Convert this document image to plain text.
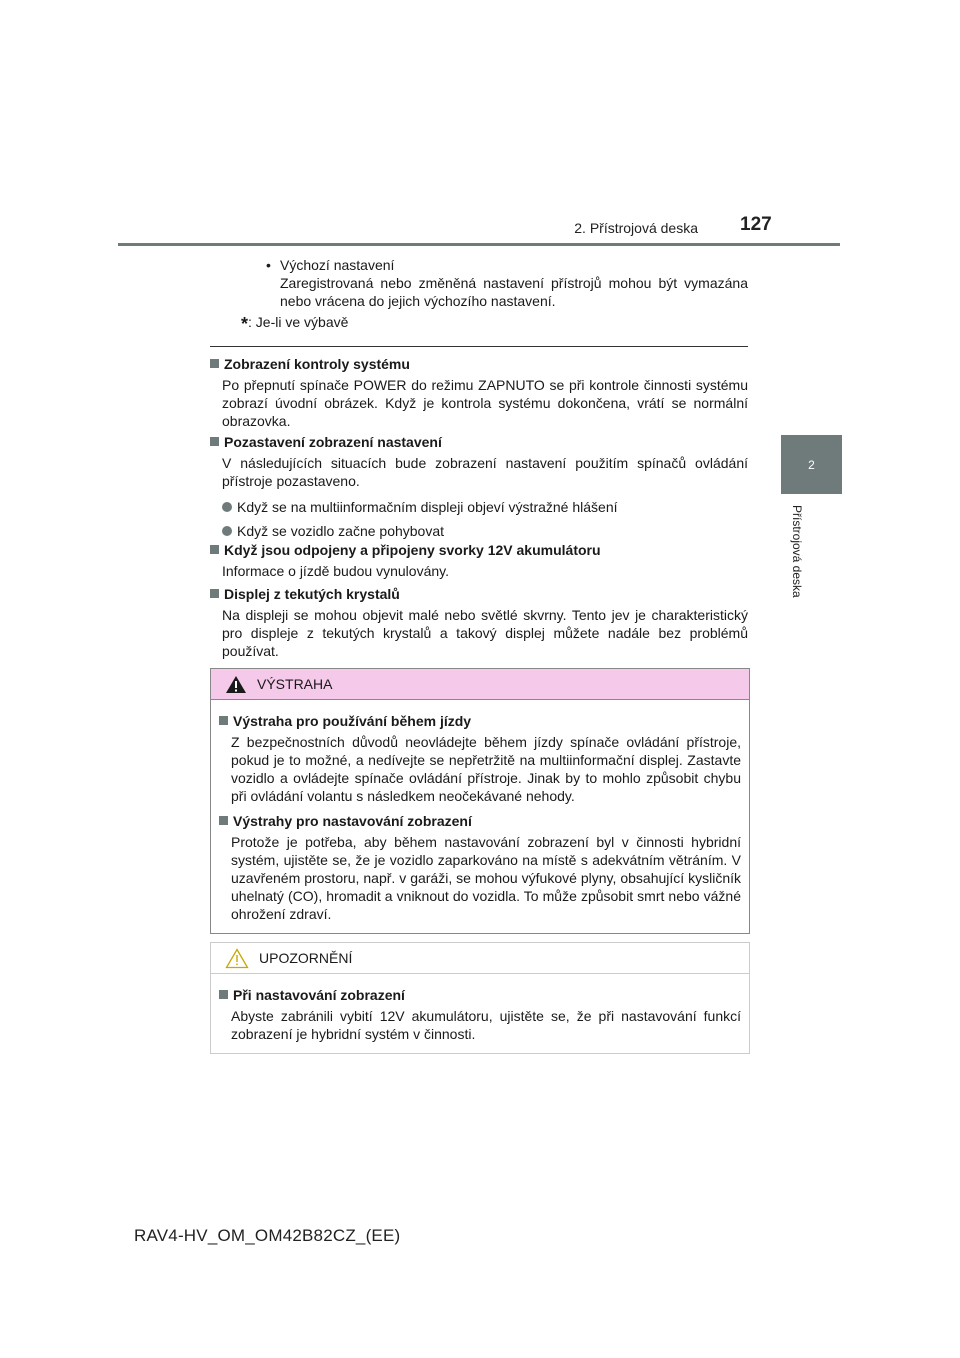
2. Přístrojová deska 127
2
Přístrojová deska
• Výchozí nastavení
Zaregistrovaná nebo změněná nastavení přístrojů mohou být vymazána nebo vrácena do jejich výchozího nastavení.
*: Je-li ve výbavě
Zobrazení kontroly systému
Po přepnutí spínače POWER do režimu ZAPNUTO se při kontrole činnosti systému zobrazí úvodní obrázek. Když je kontrola systému dokončena, vrátí se normální obrazovka.
Pozastavení zobrazení nastavení
V následujících situacích bude zobrazení nastavení použitím spínačů ovládání přístroje pozastaveno.
Když se na multiinformačním displeji objeví výstražné hlášení
Když se vozidlo začne pohybovat
Když jsou odpojeny a připojeny svorky 12V akumulátoru
Informace o jízdě budou vynulovány.
Displej z tekutých krystalů
Na displeji se mohou objevit malé nebo světlé skvrny. Tento jev je charakteristický pro displeje z tekutých krystalů a takový displej můžete nadále bez problémů používat.
VÝSTRAHA
Výstraha pro používání během jízdy
Z bezpečnostních důvodů neovládejte během jízdy spínače ovládání přístroje, pokud je to možné, a nedívejte se nepřetržitě na multiinformační displej. Zastavte vozidlo a ovládejte spínače ovládání přístroje. Jinak by to mohlo způsobit chybu při ovládání volantu s následkem neočekávané nehody.
Výstrahy pro nastavování zobrazení
Protože je potřeba, aby během nastavování zobrazení byl v činnosti hybridní systém, ujistěte se, že je vozidlo zaparkováno na místě s adekvátním větráním. V uzavřeném prostoru, např. v garáži, se mohou výfukové plyny, obsahující kysličník uhelnatý (CO), hromadit a vniknout do vozidla. To může způsobit smrt nebo vážné ohrožení zdraví.
UPOZORNĚNÍ
Při nastavování zobrazení
Abyste zabránili vybití 12V akumulátoru, ujistěte se, že při nastavování funkcí zobrazení je hybridní systém v činnosti.
RAV4-HV_OM_OM42B82CZ_(EE)
